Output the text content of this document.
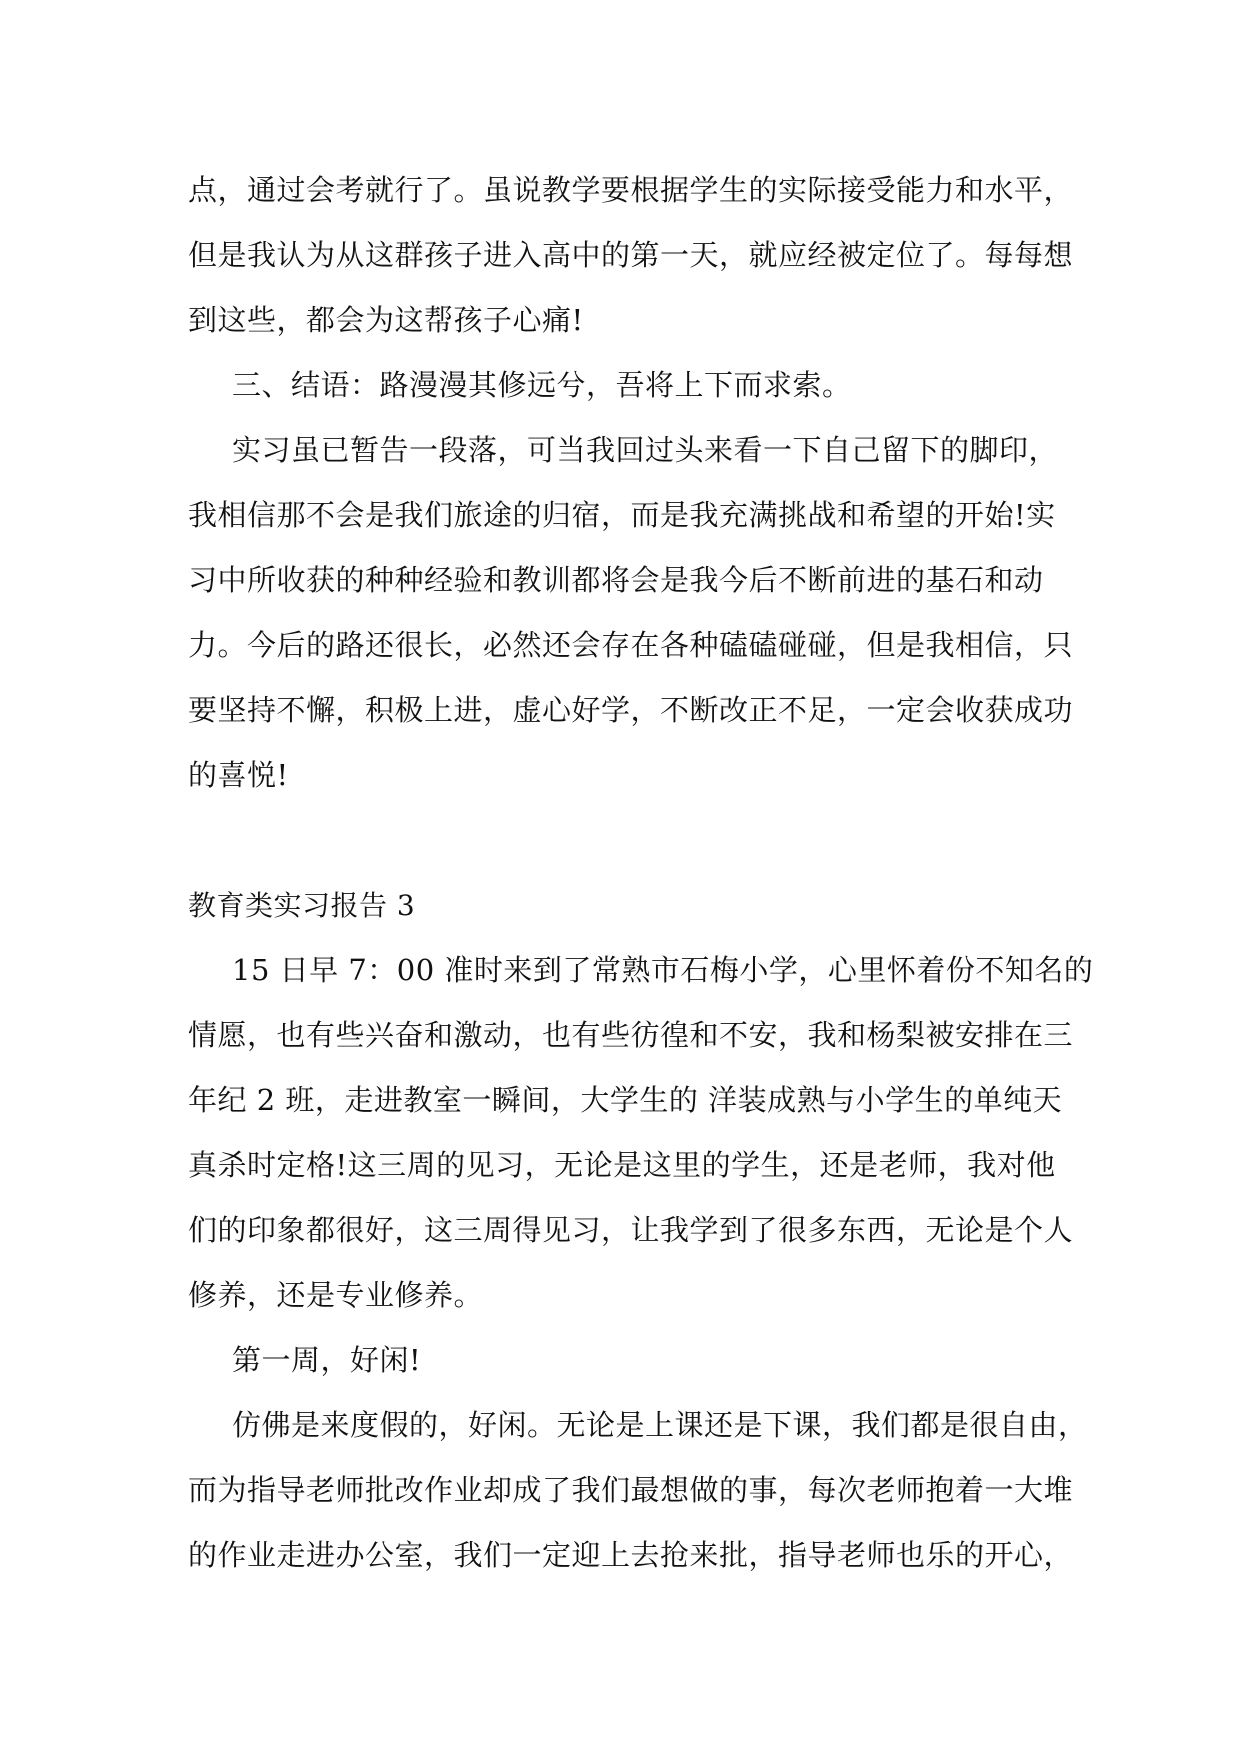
点，通过会考就行了。虽说教学要根据学生的实际接受能力和水平，
但是我认为从这群孩子进入高中的第一天，就应经被定位了。每每想
到这些，都会为这帮孩子心痛!
三、结语：路漫漫其修远兮，吾将上下而求索。
实习虽已暂告一段落，可当我回过头来看一下自己留下的脚印，
我相信那不会是我们旅途的归宿，而是我充满挑战和希望的开始!实
习中所收获的种种经验和教训都将会是我今后不断前进的基石和动
力。今后的路还很长，必然还会存在各种磕磕碰碰，但是我相信，只
要坚持不懈，积极上进，虚心好学，不断改正不足，一定会收获成功
的喜悦!
教育类实习报告 3
15 日早 7：00 准时来到了常熟市石梅小学，心里怀着份不知名的
情愿，也有些兴奋和激动，也有些彷徨和不安，我和杨梨被安排在三
年纪 2 班，走进教室一瞬间，大学生的 洋装成熟与小学生的单纯天
真杀时定格!这三周的见习，无论是这里的学生，还是老师，我对他
们的印象都很好，这三周得见习，让我学到了很多东西，无论是个人
修养，还是专业修养。
第一周，好闲!
仿佛是来度假的，好闲。无论是上课还是下课，我们都是很自由，
而为指导老师批改作业却成了我们最想做的事，每次老师抱着一大堆
的作业走进办公室，我们一定迎上去抢来批，指导老师也乐的开心，
